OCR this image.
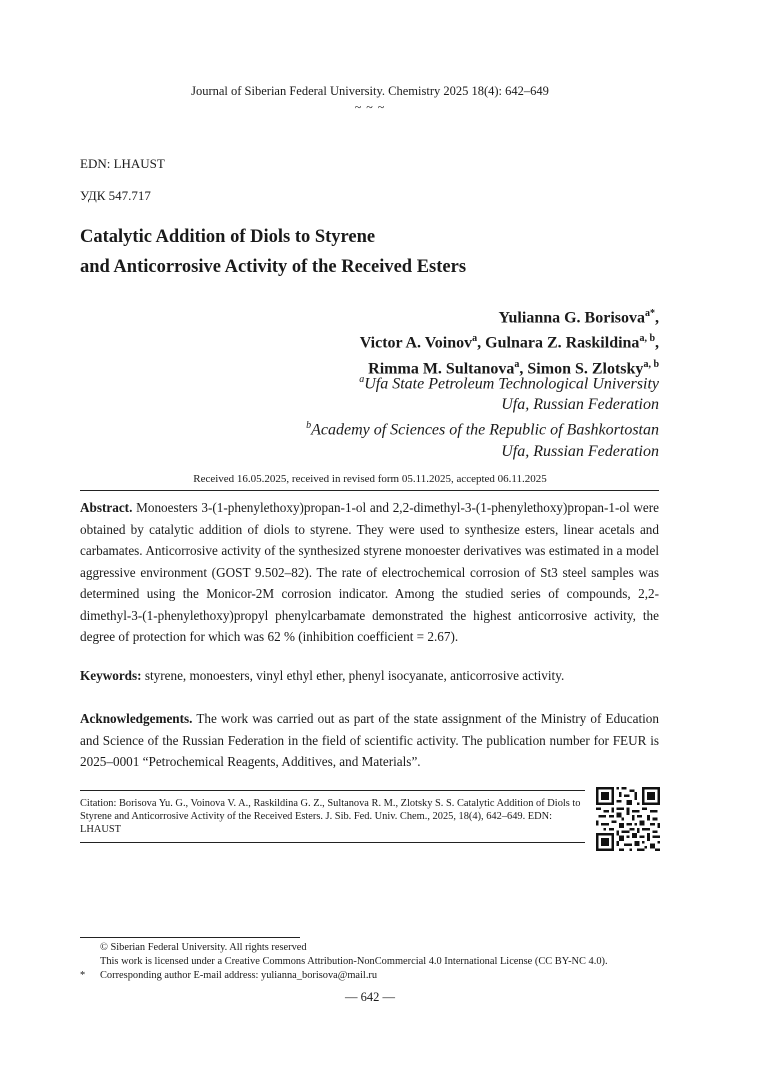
Journal of Siberian Federal University. Chemistry 2025 18(4): 642–649
~ ~ ~
EDN: LHAUST
УДК 547.717
Catalytic Addition of Diols to Styrene
and Anticorrosive Activity of the Received Esters
Yulianna G. Borisova$^{a*}$,
Victor A. Voinov$^a$, Gulnara Z. Raskildina$^{a, b}$,
Rimma M. Sultanova$^a$, Simon S. Zlotsky$^{a, b}$
$^a$Ufa State Petroleum Technological University
Ufa, Russian Federation
$^b$Academy of Sciences of the Republic of Bashkortostan
Ufa, Russian Federation
Received 16.05.2025, received in revised form 05.11.2025, accepted 06.11.2025
Abstract. Monoesters 3-(1-phenylethoxy)propan-1-ol and 2,2-dimethyl-3-(1-phenylethoxy)propan-1-ol were obtained by catalytic addition of diols to styrene. They were used to synthesize esters, linear acetals and carbamates. Anticorrosive activity of the synthesized styrene monoester derivatives was estimated in a model aggressive environment (GOST 9.502–82). The rate of electrochemical corrosion of St3 steel samples was determined using the Monicor-2M corrosion indicator. Among the studied series of compounds, 2,2-dimethyl-3-(1-phenylethoxy)propyl phenylcarbamate demonstrated the highest anticorrosive activity, the degree of protection for which was 62 % (inhibition coefficient = 2.67).
Keywords: styrene, monoesters, vinyl ethyl ether, phenyl isocyanate, anticorrosive activity.
Acknowledgements. The work was carried out as part of the state assignment of the Ministry of Education and Science of the Russian Federation in the field of scientific activity. The publication number for FEUR is 2025–0001 “Petrochemical Reagents, Additives, and Materials”.
Citation: Borisova Yu. G., Voinova V. A., Raskildina G. Z., Sultanova R. M., Zlotsky S. S. Catalytic Addition of Diols to Styrene and Anticorrosive Activity of the Received Esters. J. Sib. Fed. Univ. Chem., 2025, 18(4), 642–649. EDN: LHAUST
© Siberian Federal University. All rights reserved
This work is licensed under a Creative Commons Attribution-NonCommercial 4.0 International License (CC BY-NC 4.0).
*	Corresponding author E-mail address: yulianna_borisova@mail.ru
— 642 —
